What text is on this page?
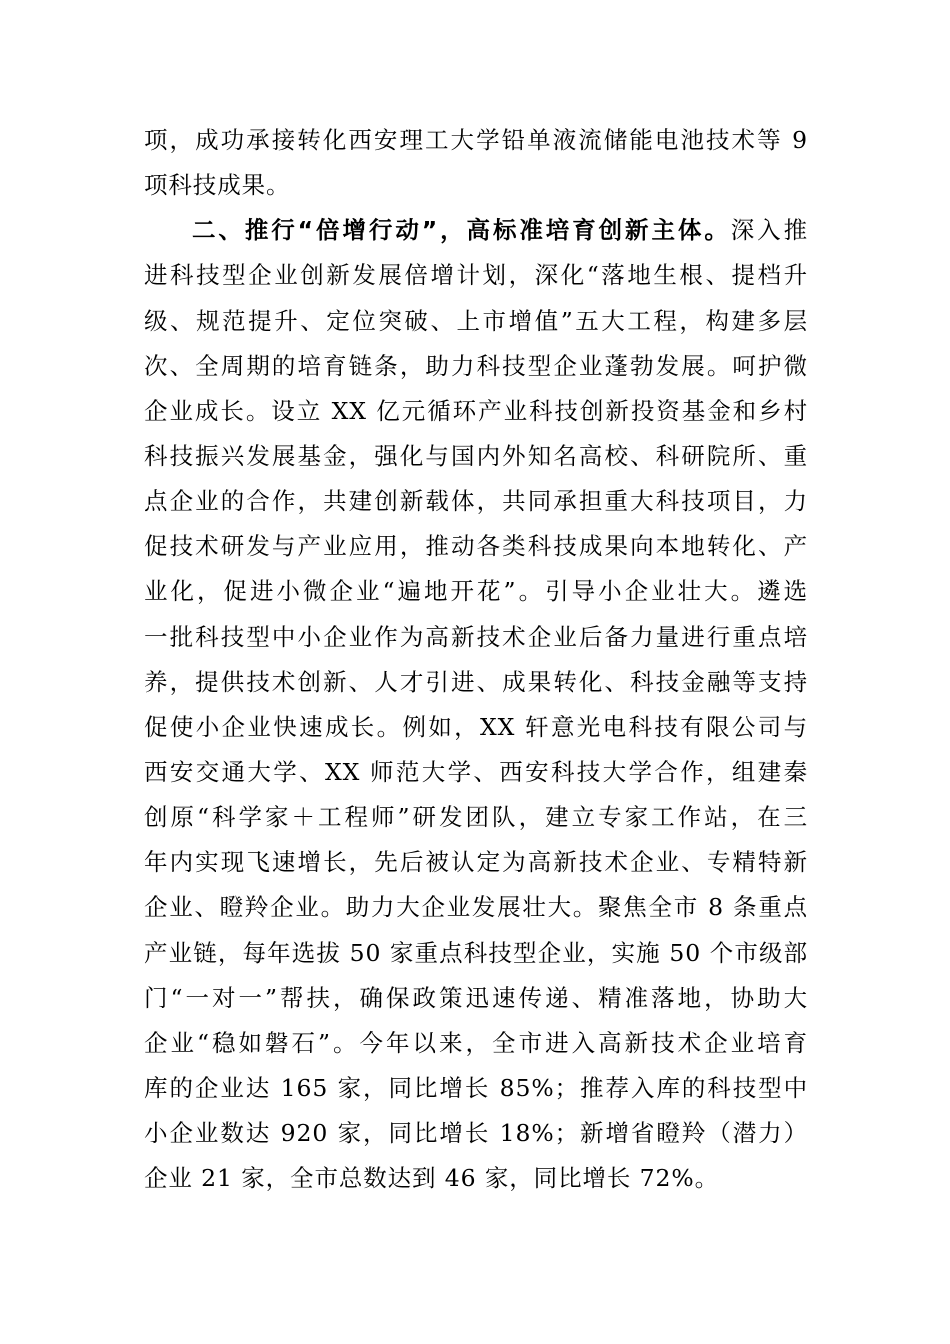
项，成功承接转化西安理工大学铅单液流储能电池技术等 9
项科技成果。
二、推行“倍增行动”，高标准培育创新主体。深入推
进科技型企业创新发展倍增计划，深化“落地生根、提档升
级、规范提升、定位突破、上市增值”五大工程，构建多层
次、全周期的培育链条，助力科技型企业蓬勃发展。呵护微
企业成长。设立 XX 亿元循环产业科技创新投资基金和乡村
科技振兴发展基金，强化与国内外知名高校、科研院所、重
点企业的合作，共建创新载体，共同承担重大科技项目，力
促技术研发与产业应用，推动各类科技成果向本地转化、产
业化，促进小微企业“遍地开花”。引导小企业壮大。遴选
一批科技型中小企业作为高新技术企业后备力量进行重点培
养，提供技术创新、人才引进、成果转化、科技金融等支持
促使小企业快速成长。例如，XX 轩意光电科技有限公司与
西安交通大学、XX 师范大学、西安科技大学合作，组建秦
创原“科学家＋工程师”研发团队，建立专家工作站，在三
年内实现飞速增长，先后被认定为高新技术企业、专精特新
企业、瞪羚企业。助力大企业发展壮大。聚焦全市 8 条重点
产业链，每年选拔 50 家重点科技型企业，实施 50 个市级部
门“一对一”帮扶，确保政策迅速传递、精准落地，协助大
企业“稳如磐石”。今年以来，全市进入高新技术企业培育
库的企业达 165 家，同比增长 85%；推荐入库的科技型中
小企业数达 920 家，同比增长 18%；新增省瞪羚（潜力）
企业 21 家，全市总数达到 46 家，同比增长 72%。
